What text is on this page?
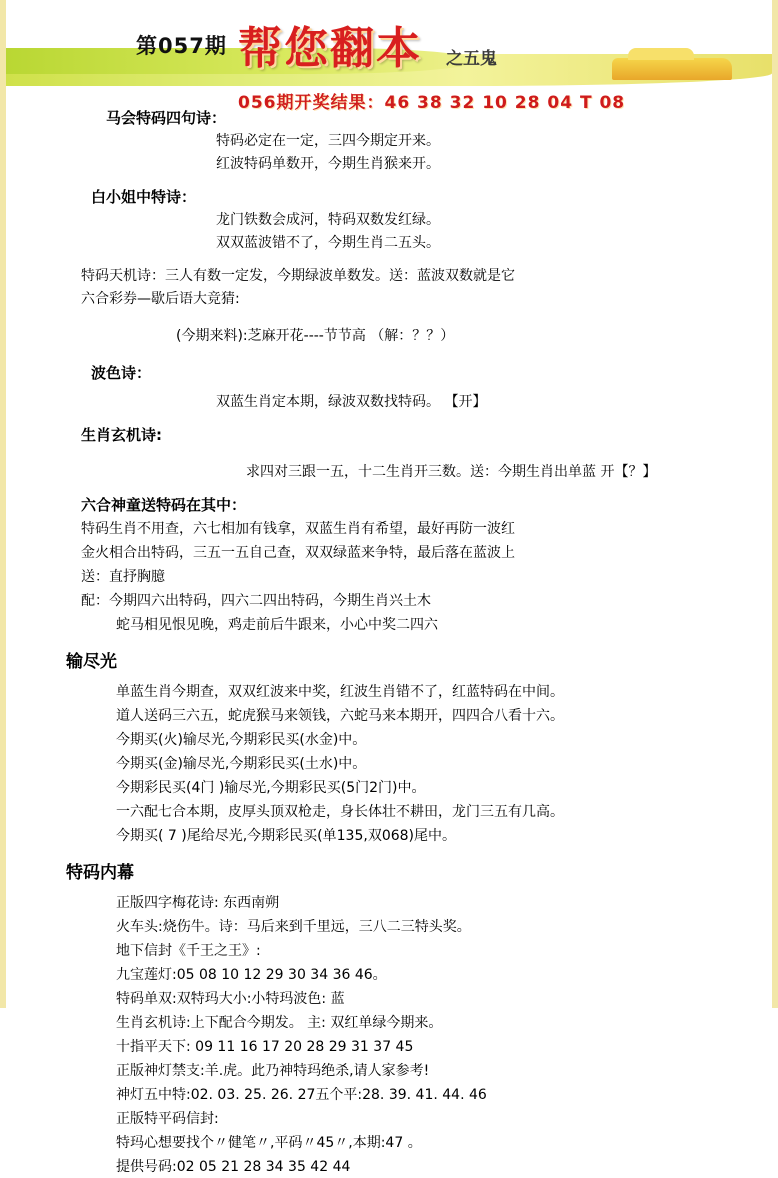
第057期 帮您翻本 之五鬼
056期开奖结果：46 38 32 10 28 04 T 08
马会特码四句诗：
特码必定在一定，三四今期定开来。
红波特码单数开，今期生肖猴来开。
白小姐中特诗：
龙门铁数会成河，特码双数发红绿。
双双蓝波错不了，今期生肖二五头。
特码天机诗：三人有数一定发，今期绿波单数发。送：蓝波双数就是它
六合彩券—歇后语大竞猜:
(今期来料):芝麻开花----节节高 （解：？？）
波色诗：
双蓝生肖定本期，绿波双数找特码。 【开】
生肖玄机诗:
求四对三跟一五，十二生肖开三数。送：今期生肖出单蓝 开【？】
六合神童送特码在其中：
特码生肖不用查，六七相加有钱拿，双蓝生肖有希望，最好再防一波红
金火相合出特码，三五一五自己查，双双绿蓝来争特，最后落在蓝波上
送：直抒胸臆
配：今期四六出特码，四六二四出特码，今期生肖兴土木
蛇马相见恨见晚，鸡走前后牛跟来，小心中奖二四六
输尽光
单蓝生肖今期查，双双红波来中奖，红波生肖错不了，红蓝特码在中间。
道人送码三六五，蛇虎猴马来领钱，六蛇马来本期开，四四合八看十六。
今期买(火)输尽光,今期彩民买(水金)中。
今期买(金)输尽光,今期彩民买(土水)中。
今期彩民买(4门 )输尽光,今期彩民买(5门2门)中。
一六配七合本期，皮厚头顶双枪走，身长体壮不耕田，龙门三五有几高。
今期买( 7 )尾给尽光,今期彩民买(单135,双068)尾中。
特码内幕
正版四字梅花诗: 东西南朔
火车头:烧伤牛。诗：马后来到千里远，三八二三特头奖。
地下信封《千王之王》:
九宝莲灯:05 08 10 12 29 30 34 36 46。
特码单双:双特玛大小:小特玛波色: 蓝
生肖玄机诗:上下配合今期发。 主: 双红单绿今期来。
十指平天下: 09 11 16 17 20 28 29 31 37 45
正版神灯禁支:羊.虎。此乃神特玛绝杀,请人家参考!
神灯五中特:02. 03. 25. 26. 27五个平:28. 39. 41. 44. 46
正版特平码信封:
特玛心想要找个〃健笔〃,平码〃45〃,本期:47 。
提供号码:02 05 21 28 34 35 42 44
